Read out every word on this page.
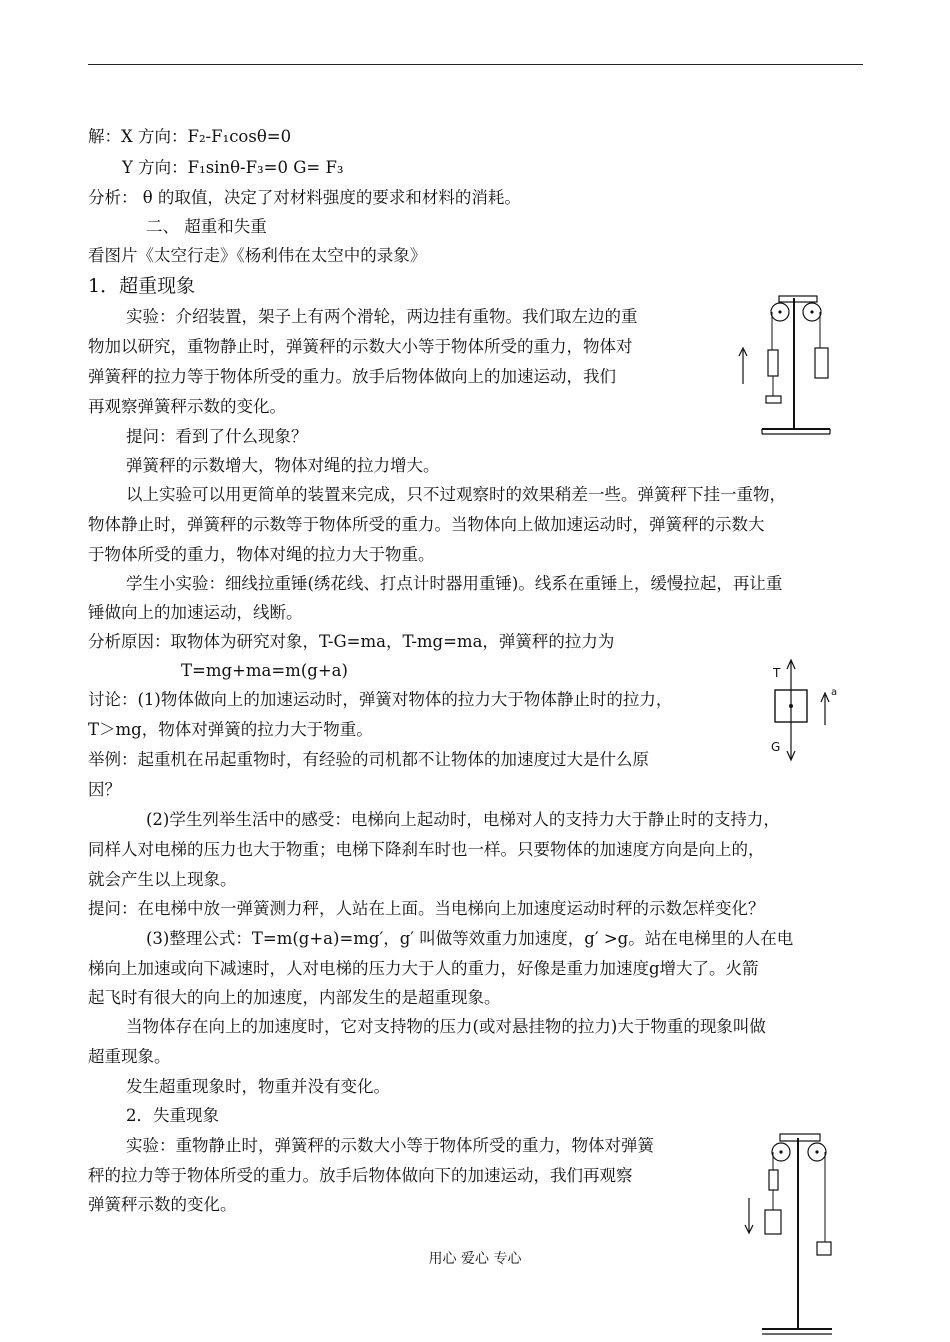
解：X 方向：F₂-F₁cosθ=0
Y 方向：F₁sinθ-F₃=0 G= F₃
分析： θ 的取值，决定了对材料强度的要求和材料的消耗。
二、 超重和失重
看图片《太空行走》《杨利伟在太空中的录象》
1．超重现象
实验：介绍装置，架子上有两个滑轮，两边挂有重物。我们取左边的重
物加以研究，重物静止时，弹簧秤的示数大小等于物体所受的重力，物体对
弹簧秤的拉力等于物体所受的重力。放手后物体做向上的加速运动，我们
再观察弹簧秤示数的变化。
提问：看到了什么现象？
弹簧秤的示数增大，物体对绳的拉力增大。
以上实验可以用更简单的装置来完成，只不过观察时的效果稍差一些。弹簧秤下挂一重物，
物体静止时，弹簧秤的示数等于物体所受的重力。当物体向上做加速运动时，弹簧秤的示数大
于物体所受的重力，物体对绳的拉力大于物重。
学生小实验：细线拉重锤(绣花线、打点计时器用重锤)。线系在重锤上，缓慢拉起，再让重
锤做向上的加速运动，线断。
分析原因：取物体为研究对象，T-G=ma，T-mg=ma，弹簧秤的拉力为
T=mg+ma=m(g+a)
讨论：(1)物体做向上的加速运动时，弹簧对物体的拉力大于物体静止时的拉力，
T＞mg，物体对弹簧的拉力大于物重。
举例：起重机在吊起重物时，有经验的司机都不让物体的加速度过大是什么原
因？
(2)学生列举生活中的感受：电梯向上起动时，电梯对人的支持力大于静止时的支持力，
同样人对电梯的压力也大于物重；电梯下降刹车时也一样。只要物体的加速度方向是向上的，
就会产生以上现象。
提问：在电梯中放一弹簧测力秤，人站在上面。当电梯向上加速度运动时秤的示数怎样变化？
(3)整理公式：T=m(g+a)=mg′，g′ 叫做等效重力加速度，g′ >g。站在电梯里的人在电
梯向上加速或向下减速时，人对电梯的压力大于人的重力，好像是重力加速度g增大了。火箭
起飞时有很大的向上的加速度，内部发生的是超重现象。
当物体存在向上的加速度时，它对支持物的压力(或对悬挂物的拉力)大于物重的现象叫做
超重现象。
发生超重现象时，物重并没有变化。
2．失重现象
实验：重物静止时，弹簧秤的示数大小等于物体所受的重力，物体对弹簧
秤的拉力等于物体所受的重力。放手后物体做向下的加速运动，我们再观察
弹簧秤示数的变化。
T
G
a
用心 爱心 专心
